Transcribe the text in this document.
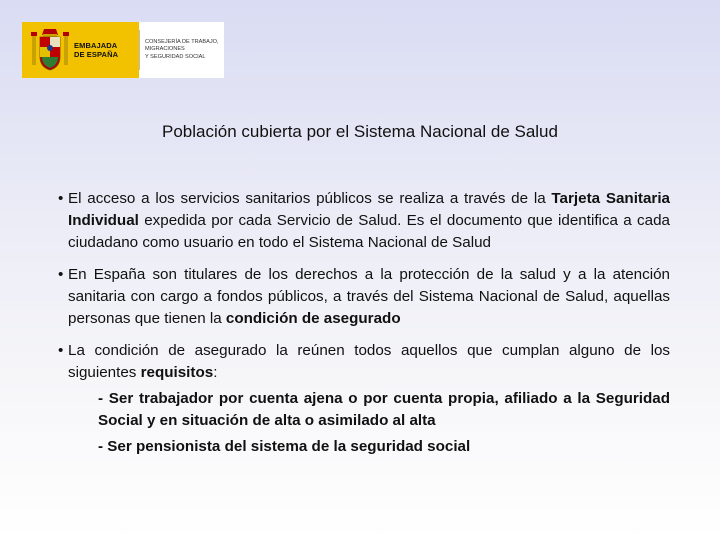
EMBAJADA
DE ESPAÑA
CONSEJERÍA DE TRABAJO,
MIGRACIONES
Y SEGURIDAD SOCIAL
Población cubierta por el Sistema Nacional de Salud
• El acceso a los servicios sanitarios públicos se realiza a través de la Tarjeta Sanitaria Individual expedida por cada Servicio de Salud. Es el documento que identifica a cada ciudadano como usuario en todo el Sistema Nacional de Salud
• En España son titulares de los derechos a la protección de la salud y a la atención sanitaria con cargo a fondos públicos, a través del Sistema Nacional de Salud, aquellas personas que tienen la condición de asegurado
• La condición de asegurado la reúnen todos aquellos que cumplan alguno de los siguientes requisitos:
- Ser trabajador por cuenta ajena o por cuenta propia, afiliado a la Seguridad Social y en situación de alta o asimilado al alta
- Ser pensionista del sistema de la seguridad social
